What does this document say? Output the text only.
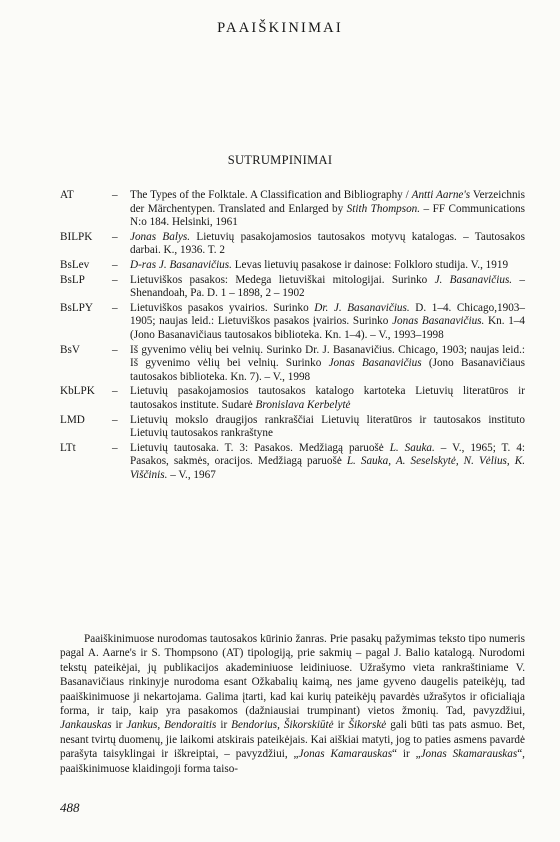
PAAIŠKINIMAI
SUTRUMPINIMAI
AT	–	The Types of the Folktale. A Classification and Bibliography / Antti Aarne's Verzeichnis der Märchentypen. Translated and Enlarged by Stith Thompson. – FF Communications N:o 184. Helsinki, 1961
BILPK	–	Jonas Balys. Lietuvių pasakojamosios tautosakos motyvų katalogas. – Tautosakos darbai. K., 1936. T. 2
BsLev	–	D-ras J. Basanavičius. Levas lietuvių pasakose ir dainose: Folkloro studija. V., 1919
BsLP	–	Lietuviškos pasakos: Medega lietuviškai mitologijai. Surinko J. Basanavičius. – Shenandoah, Pa. D. 1 – 1898, 2 – 1902
BsLPY	–	Lietuviškos pasakos yvairios. Surinko Dr. J. Basanavičius. D. 1–4. Chicago,1903–1905; naujas leid.: Lietuviškos pasakos įvairios. Surinko Jonas Basanavičius. Kn. 1–4 (Jono Basanavičiaus tautosakos biblioteka. Kn. 1–4). – V., 1993–1998
BsV	–	Iš gyvenimo vėlių bei velnių. Surinko Dr. J. Basanavičius. Chicago, 1903; naujas leid.: Iš gyvenimo vėlių bei velnių. Surinko Jonas Basanavičius (Jono Basanavičiaus tautosakos biblioteka. Kn. 7). – V., 1998
KbLPK	–	Lietuvių pasakojamosios tautosakos katalogo kartoteka Lietuvių literatūros ir tautosakos institute. Sudarė Bronislava Kerbelytė
LMD	–	Lietuvių mokslo draugijos rankraščiai Lietuvių literatūros ir tautosakos instituto Lietuvių tautosakos rankraštyne
LTt	–	Lietuvių tautosaka. T. 3: Pasakos. Medžiagą paruošė L. Sauka. – V., 1965; T. 4: Pasakos, sakmės, oracijos. Medžiagą paruošė L. Sauka, A. Seselskytė, N. Vėlius, K. Viščinis. – V., 1967

Paaiškinimuose nurodomas tautosakos kūrinio žanras. Prie pasakų pažymimas teksto tipo numeris pagal A. Aarne's ir S. Thompsono (AT) tipologiją, prie sakmių – pagal J. Balio katalogą. Nurodomi tekstų pateikėjai, jų publikacijos akademiniuose leidiniuose. Užrašymo vieta rankraštiniame V. Basanavičiaus rinkinyje nurodoma esant Ožkabalių kaimą, nes jame gyveno daugelis pateikėjų, tad paaiškinimuose ji nekartojama. Galima įtarti, kad kai kurių pateikėjų pavardės užrašytos ir oficialiąja forma, ir taip, kaip yra pasakomos (dažniausiai trumpinant) vietos žmonių. Tad, pavyzdžiui, Jankauskas ir Jankus, Bendoraitis ir Bendorius, Šikorskiūtė ir Šikorskė gali būti tas pats asmuo. Bet, nesant tvirtų duomenų, jie laikomi atskirais pateikėjais. Kai aiškiai matyti, jog to paties asmens pavardė parašyta taisyklingai ir iškreiptai, – pavyzdžiui, „Jonas Kamarauskas“ ir „Jonas Skamarauskas“, paaiškinimuose klaidingoji forma taiso-

488
